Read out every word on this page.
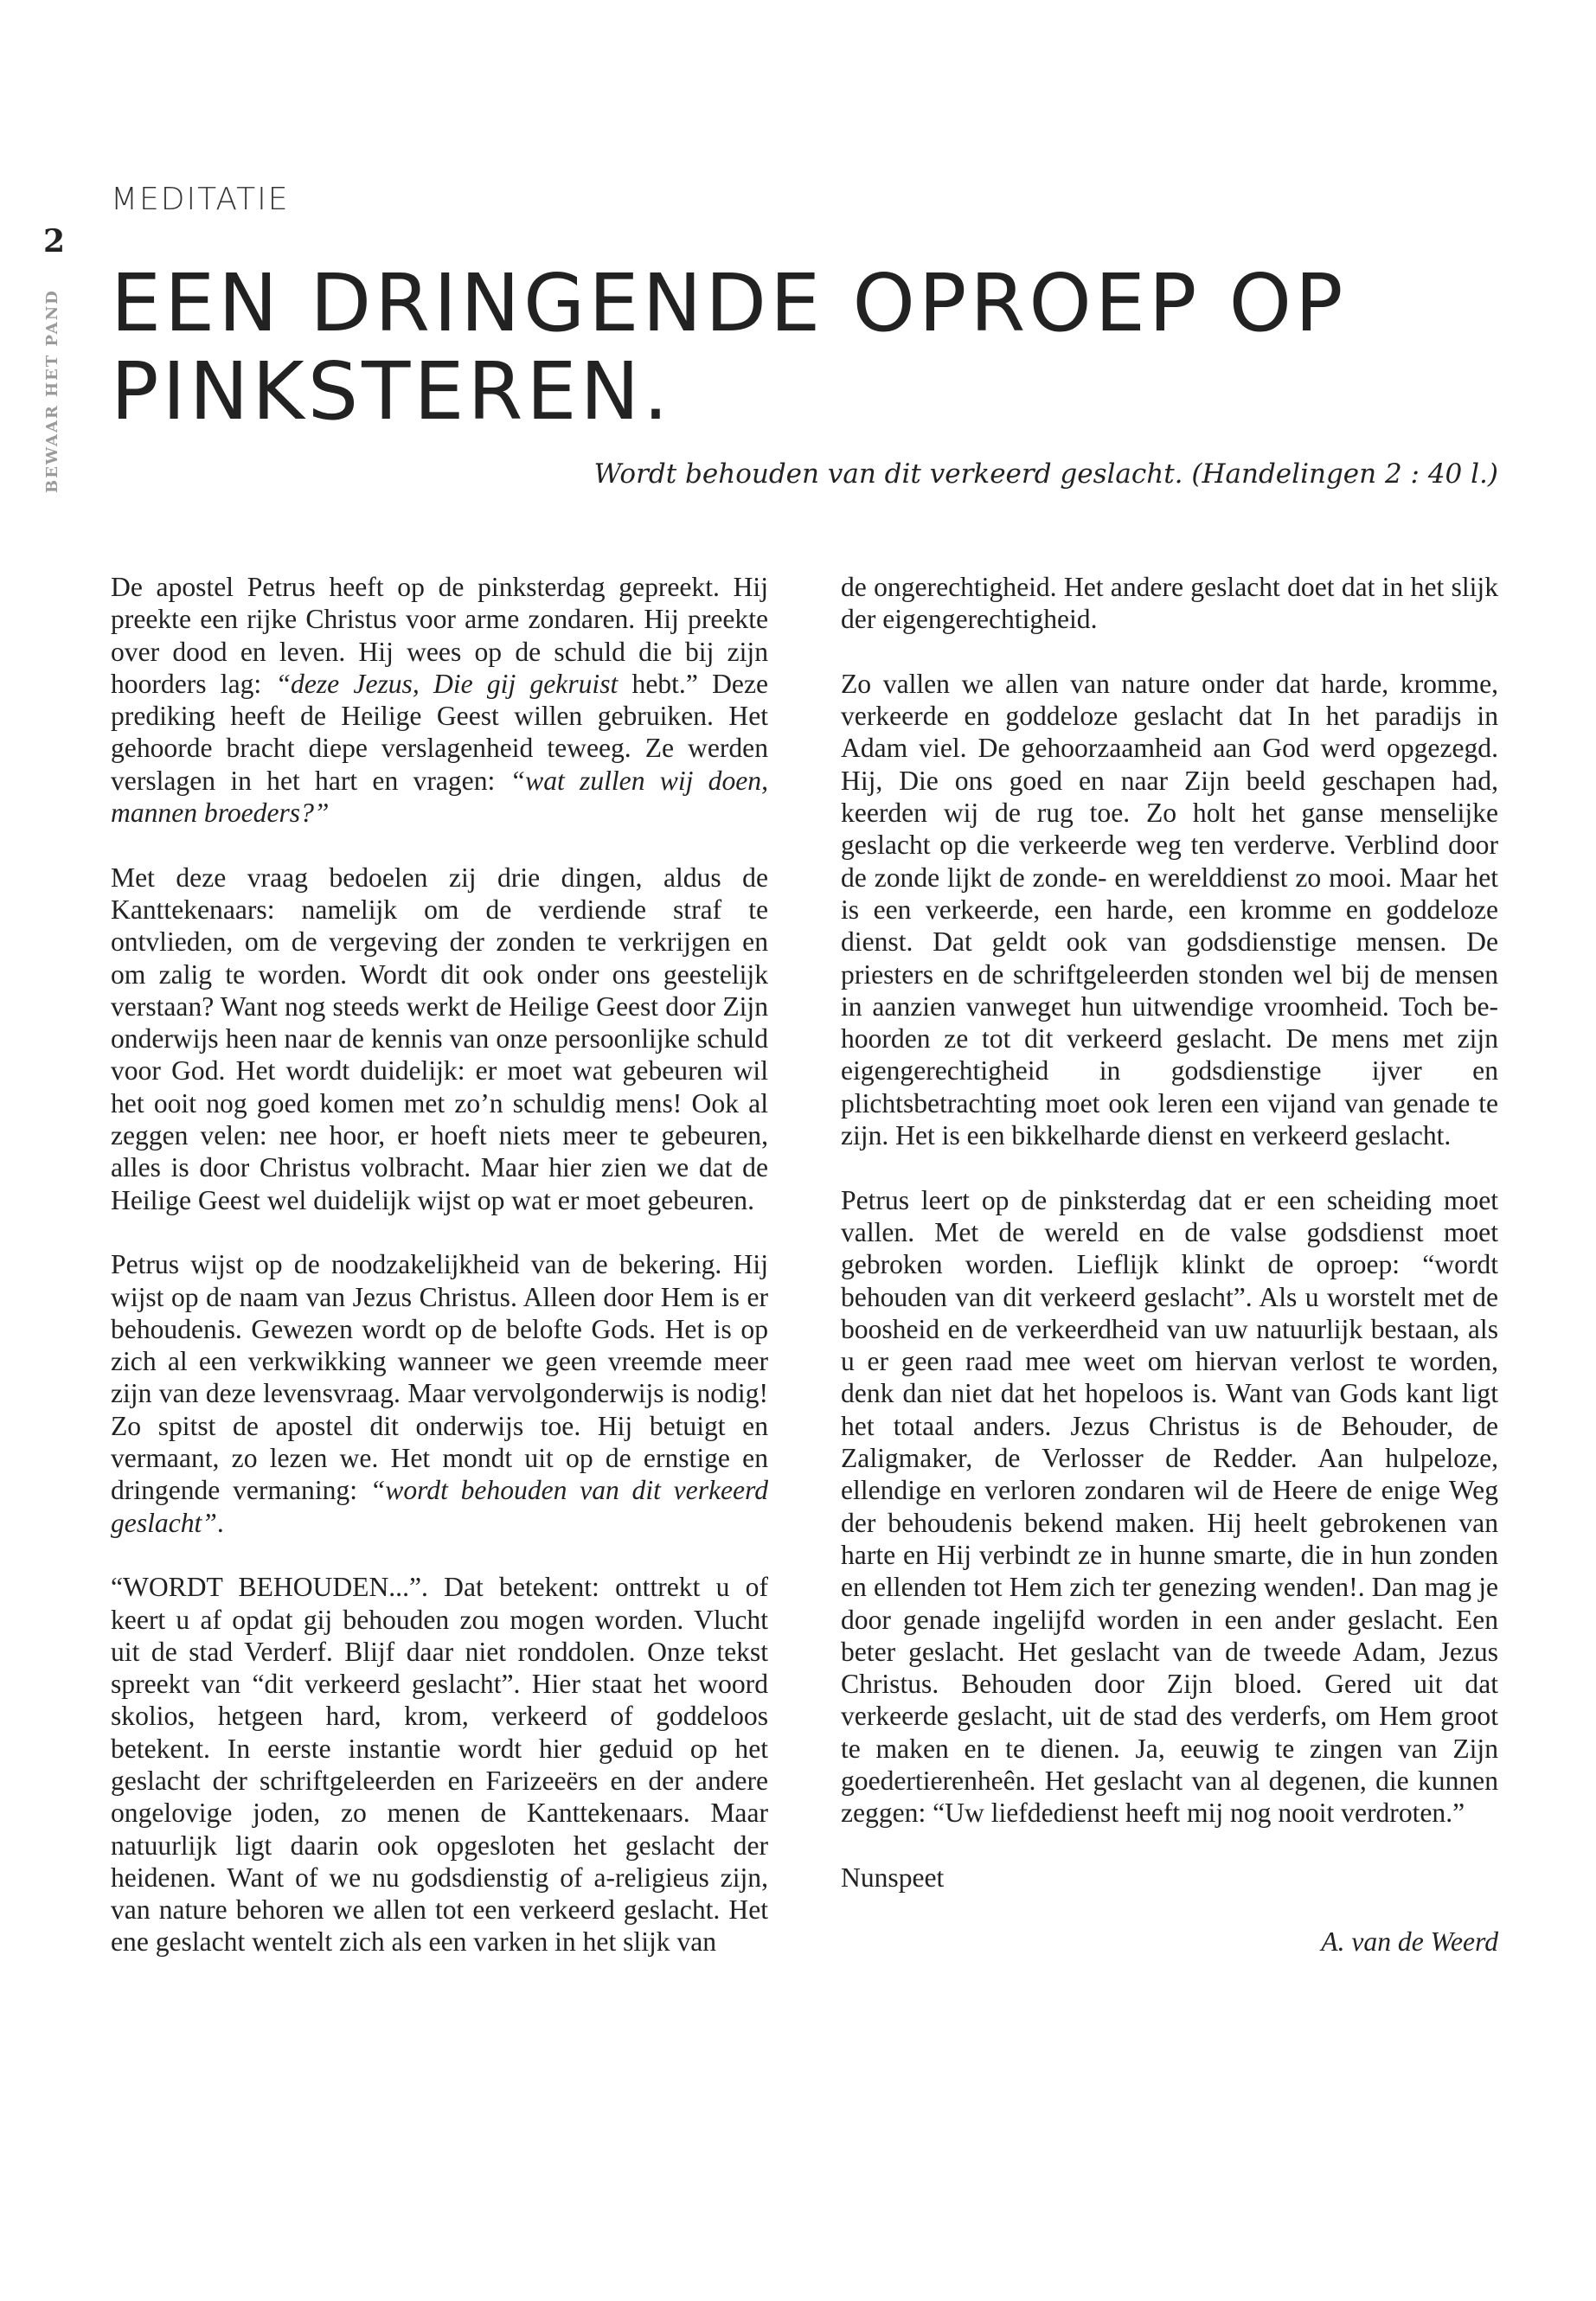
2
BEWAAR HET PAND
MEDITATIE
EEN DRINGENDE OPROEP OP PINKSTEREN.
Wordt behouden van dit verkeerd geslacht. (Handelingen 2 : 40 l.)

De apostel Petrus heeft op de pinksterdag gepreekt. Hij preekte een rijke Christus voor arme zondaren. Hij preekte over dood en leven. Hij wees op de schuld die bij zijn hoorders lag: “deze Jezus, Die gij gekruist hebt.” Deze prediking heeft de Heilige Geest willen gebruiken. Het gehoorde bracht diepe verslagenheid teweeg. Ze werden verslagen in het hart en vragen: “wat zullen wij doen, mannen broeders?”

Met deze vraag bedoelen zij drie dingen, aldus de Kanttekenaars: namelijk om de verdiende straf te ontvlieden, om de vergeving der zonden te verkrijgen en om zalig te worden. Wordt dit ook onder ons geestelijk verstaan? Want nog steeds werkt de Heilige Geest door Zijn onderwijs heen naar de kennis van onze persoonlijke schuld voor God. Het wordt duidelijk: er moet wat gebeuren wil het ooit nog goed komen met zo’n schuldig mens! Ook al zeggen velen: nee hoor, er hoeft niets meer te gebeuren, alles is door Christus volbracht. Maar hier zien we dat de Heilige Geest wel duidelijk wijst op wat er moet gebeuren.

Petrus wijst op de noodzakelijkheid van de bekering. Hij wijst op de naam van Jezus Christus. Alleen door Hem is er behoudenis. Gewezen wordt op de belofte Gods. Het is op zich al een verkwikking wanneer we geen vreemde meer zijn van deze levensvraag. Maar vervolgonderwijs is nodig! Zo spitst de apostel dit onderwijs toe. Hij betuigt en vermaant, zo lezen we. Het mondt uit op de ernstige en dringende vermaning: “wordt behouden van dit verkeerd geslacht”.

“WORDT BEHOUDEN...”. Dat betekent: onttrekt u of keert u af opdat gij behouden zou mogen worden. Vlucht uit de stad Verderf. Blijf daar niet ronddolen. Onze tekst spreekt van “dit verkeerd geslacht”. Hier staat het woord skolios, hetgeen hard, krom, verkeerd of goddeloos betekent. In eerste instantie wordt hier geduid op het geslacht der schriftgeleerden en Farizeeërs en der andere ongelovige joden, zo menen de Kanttekenaars. Maar natuurlijk ligt daarin ook opgesloten het geslacht der heidenen. Want of we nu godsdienstig of a-religieus zijn, van nature behoren we allen tot een verkeerd geslacht. Het ene geslacht wentelt zich als een varken in het slijk van

de ongerechtigheid. Het andere geslacht doet dat in het slijk der eigengerechtigheid.

Zo vallen we allen van nature onder dat harde, kromme, verkeerde en goddeloze geslacht dat In het paradijs in Adam viel. De gehoorzaamheid aan God werd opgezegd. Hij, Die ons goed en naar Zijn beeld geschapen had, keerden wij de rug toe. Zo holt het ganse menselijke geslacht op die verkeerde weg ten verderve. Verblind door de zonde lijkt de zonde- en werelddienst zo mooi. Maar het is een verkeerde, een harde, een kromme en goddeloze dienst. Dat geldt ook van godsdienstige mensen. De priesters en de schriftgeleerden stonden wel bij de mensen in aanzien vanweget hun uitwendige vroomheid. Toch behoorden ze tot dit verkeerd geslacht. De mens met zijn eigengerechtigheid in godsdienstige ijver en plichtsbetrachting moet ook leren een vijand van genade te zijn. Het is een bikkelharde dienst en verkeerd geslacht.

Petrus leert op de pinksterdag dat er een scheiding moet vallen. Met de wereld en de valse godsdienst moet gebroken worden. Lieflijk klinkt de oproep: “wordt behouden van dit verkeerd geslacht”. Als u worstelt met de boosheid en de verkeerdheid van uw natuurlijk bestaan, als u er geen raad mee weet om hiervan verlost te worden, denk dan niet dat het hopeloos is. Want van Gods kant ligt het totaal anders. Jezus Christus is de Behouder, de Zaligmaker, de Verlosser de Redder. Aan hulpeloze, ellendige en verloren zondaren wil de Heere de enige Weg der behoudenis bekend maken. Hij heelt gebrokenen van harte en Hij verbindt ze in hunne smarte, die in hun zonden en ellenden tot Hem zich ter genezing wenden!. Dan mag je door genade ingelijfd worden in een ander geslacht. Een beter geslacht. Het geslacht van de tweede Adam, Jezus Christus. Behouden door Zijn bloed. Gered uit dat verkeerde geslacht, uit de stad des verderfs, om Hem groot te maken en te dienen. Ja, eeuwig te zingen van Zijn goedertierenheên. Het geslacht van al degenen, die kunnen zeggen: “Uw liefdedienst heeft mij nog nooit verdroten.”

Nunspeet

A. van de Weerd
